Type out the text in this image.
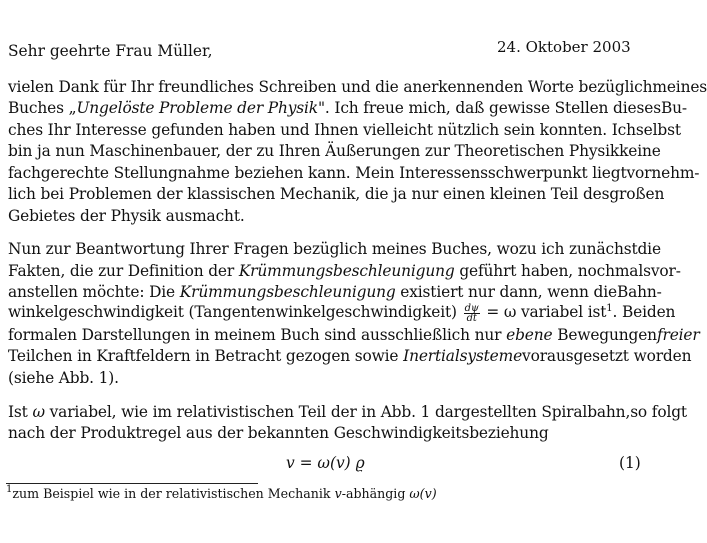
24. Oktober 2003
Sehr geehrte Frau Müller,
vielen Dank für Ihr freundliches Schreiben und die anerkennenden Worte bezüglich meines
Buches „Ungelöste Probleme der Physik". Ich freue mich, daß gewisse Stellen dieses Bu-
ches Ihr Interesse gefunden haben und Ihnen vielleicht nützlich sein konnten. Ich selbst
bin ja nun Maschinenbauer, der zu Ihren Äußerungen zur Theoretischen Physik keine
fachgerechte Stellungnahme beziehen kann. Mein Interessensschwerpunkt liegt vornehm-
lich bei Problemen der klassischen Mechanik, die ja nur einen kleinen Teil des großen
Gebietes der Physik ausmacht.
Nun zur Beantwortung Ihrer Fragen bezüglich meines Buches, wozu ich zunächst die
Fakten, die zur Definition der Krümmungsbeschleunigung geführt haben, nochmals vor-
anstellen möchte: Die Krümmungsbeschleunigung existiert nur dann, wenn die Bahn-
winkelgeschwindigkeit (Tangentenwinkelgeschwindigkeit) $\frac{d\psi}{dt} = \omega$ variabel ist$^1$. Bei den
formalen Darstellungen in meinem Buch sind ausschließlich nur ebene Bewegungen freier
Teilchen in Kraftfeldern in Betracht gezogen sowie Inertialsysteme vorausgesetzt worden
(siehe Abb. 1).
Ist ω variabel, wie im relativistischen Teil der in Abb. 1 dargestellten Spiralbahn, so folgt
nach der Produktregel aus der bekannten Geschwindigkeitsbeziehung
v = ω(v) ϱ	(1)
$^1$zum Beispiel wie in der relativistischen Mechanik v-abhängig ω(v)
